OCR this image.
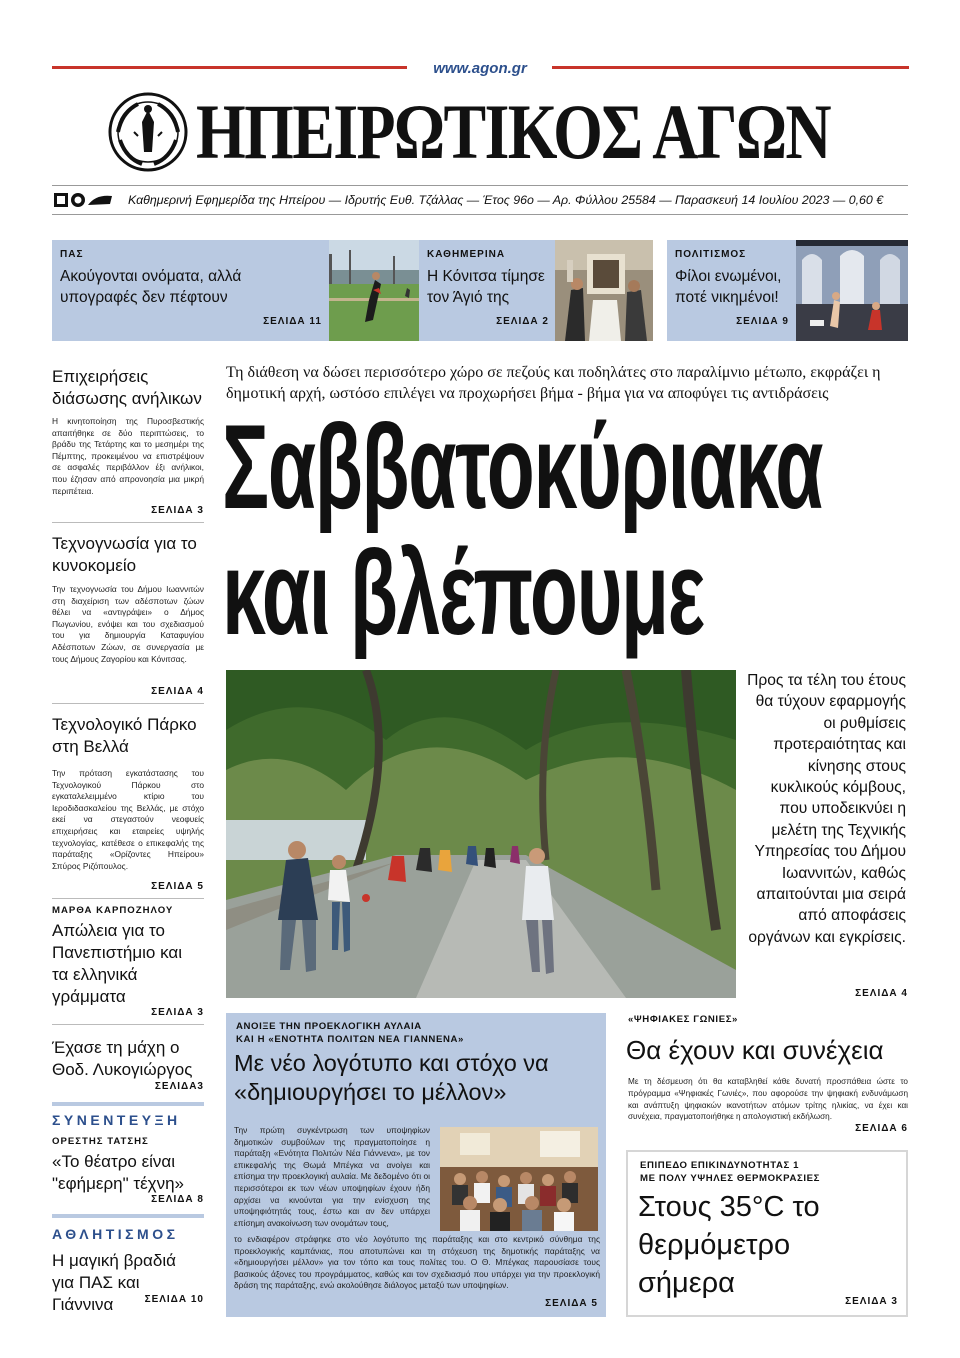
www.agon.gr
ΗΠΕΙΡΩΤΙΚΟΣ ΑΓΩΝ
Καθημερινή Εφημερίδα της Ηπείρου — Ιδρυτής Ευθ. Τζάλλας — Έτος 96ο — Αρ. Φύλλου 25584 — Παρασκευή 14 Ιουλίου 2023 — 0,60 €
ΠΑΣ
Ακούγονται ονόματα, αλλά υπογραφές δεν πέφτουν
ΣΕΛΙΔΑ 11
ΚΑΘΗΜΕΡΙΝΑ
Η Κόνιτσα τίμησε τον Άγιό της
ΣΕΛΙΔΑ 2
ΠΟΛΙΤΙΣΜΟΣ
Φίλοι ενωμένοι, ποτέ νικημένοι!
ΣΕΛΙΔΑ 9
Επιχειρήσεις διάσωσης ανήλικων
Η κινητοποίηση της Πυροσβεστικής απαιτήθηκε σε δύο περιπτώσεις, το βράδυ της Τετάρτης και το μεσημέρι της Πέμπτης, προκειμένου να επιστρέψουν σε ασφαλές περιβάλλον έξι ανήλικοι, που έζησαν από απρονοησία μια μικρή περιπέτεια.
ΣΕΛΙΔΑ 3
Τεχνογνωσία για το κυνοκομείο
Την τεχνογνωσία του Δήμου Ιωαννιτών στη διαχείριση των αδέσποτων ζώων θέλει να «αντιγράψει» ο Δήμος Πωγωνίου, ενόψει και του σχεδιασμού του για δημιουργία Καταφυγίου Αδέσποτων Ζώων, σε συνεργασία με τους Δήμους Ζαγορίου και Κόνιτσας.
ΣΕΛΙΔΑ 4
Τεχνολογικό Πάρκο στη Βελλά
Την πρόταση εγκατάστασης του Τεχνολογικού Πάρκου στο εγκαταλελειμμένο κτίριο του Ιεροδιδασκαλείου της Βελλάς, με στόχο εκεί να στεγαστούν νεοφυείς επιχειρήσεις και εταιρείες υψηλής τεχνολογίας, κατέθεσε ο επικεφαλής της παράταξης «Ορίζοντες Ηπείρου» Σπύρος Ριζόπουλος.
ΣΕΛΙΔΑ 5
ΜΑΡΘΑ ΚΑΡΠΟΖΗΛΟΥ
Απώλεια για το Πανεπιστήμιο και τα ελληνικά γράμματα
ΣΕΛΙΔΑ 3
Έχασε τη μάχη ο Θοδ. Λυκογιώργος
ΣΕΛΙΔΑ3
ΣΥΝΕΝΤΕΥΞΗ
ΟΡΕΣΤΗΣ ΤΑΤΣΗΣ
«Το θέατρο είναι "εφήμερη" τέχνη»
ΣΕΛΙΔΑ 8
ΑΘΛΗΤΙΣΜΟΣ
Η μαγική βραδιά για ΠΑΣ και Γιάννινα	ΣΕΛΙΔΑ 10
Τη διάθεση να δώσει περισσότερο χώρο σε πεζούς και ποδηλάτες στο παραλίμνιο μέτωπο, εκφράζει η δημοτική αρχή, ωστόσο επιλέγει να προχωρήσει βήμα - βήμα για να αποφύγει τις αντιδράσεις
Σαββατοκύριακα
και βλέπουμε
Προς τα τέλη του έτους θα τύχουν εφαρμογής οι ρυθμίσεις προτεραιότητας και κίνησης στους κυκλικούς κόμβους, που υποδεικνύει η μελέτη της Τεχνικής Υπηρεσίας του Δήμου Ιωαννιτών, καθώς απαιτούνται μια σειρά από αποφάσεις οργάνων και εγκρίσεις.
ΣΕΛΙΔΑ 4
ΑΝΟΙΞΕ ΤΗΝ ΠΡΟΕΚΛΟΓΙΚΗ ΑΥΛΑΙΑ
ΚΑΙ Η «ΕΝΟΤΗΤΑ ΠΟΛΙΤΩΝ ΝΕΑ ΓΙΑΝΝΕΝΑ»
Με νέο λογότυπο και στόχο να «δημιουργήσει το μέλλον»
Την πρώτη συγκέντρωση των υποψηφίων δημοτικών συμβούλων της πραγματοποίησε η παράταξη «Ενότητα Πολιτών Νέα Γιάννενα», με τον επικεφαλής της Θωμά Μπέγκα να ανοίγει και επίσημα την προεκλογική αυλαία. Με δεδομένο ότι οι περισσότεροι εκ των νέων υποψηφίων έχουν ήδη αρχίσει να κινούνται για την ενίσχυση της υποψηφιότητάς τους, έστω και αν δεν υπάρχει επίσημη ανακοίνωση των ονομάτων τους,
το ενδιαφέρον στράφηκε στο νέο λογότυπο της παράταξης και στο κεντρικό σύνθημα της προεκλογικής καμπάνιας, που αποτυπώνει και τη στόχευση της δημοτικής παράταξης να «δημιουργήσει μέλλον» για τον τόπο και τους πολίτες του. Ο Θ. Μπέγκας παρουσίασε τους βασικούς άξονες του προγράμματος, καθώς και τον σχεδιασμό που υπάρχει για την προεκλογική δράση της παράταξης, ενώ ακολούθησε διάλογος μεταξύ των υποψηφίων.
ΣΕΛΙΔΑ 5
«ΨΗΦΙΑΚΕΣ ΓΩΝΙΕΣ»
Θα έχουν και συνέχεια
Με τη δέσμευση ότι θα καταβληθεί κάθε δυνατή προσπάθεια ώστε το πρόγραμμα «Ψηφιακές Γωνιές», που αφορούσε την ψηφιακή ενδυνάμωση και ανάπτυξη ψηφιακών ικανοτήτων ατόμων τρίτης ηλικίας, να έχει και συνέχεια, πραγματοποιήθηκε η απολογιστική εκδήλωση.
ΣΕΛΙΔΑ 6
ΕΠΙΠΕΔΟ ΕΠΙΚΙΝΔΥΝΟΤΗΤΑΣ 1
ΜΕ ΠΟΛΥ ΥΨΗΛΕΣ ΘΕΡΜΟΚΡΑΣΙΕΣ
Στους 35°C το θερμόμετρο σήμερα
ΣΕΛΙΔΑ 3
